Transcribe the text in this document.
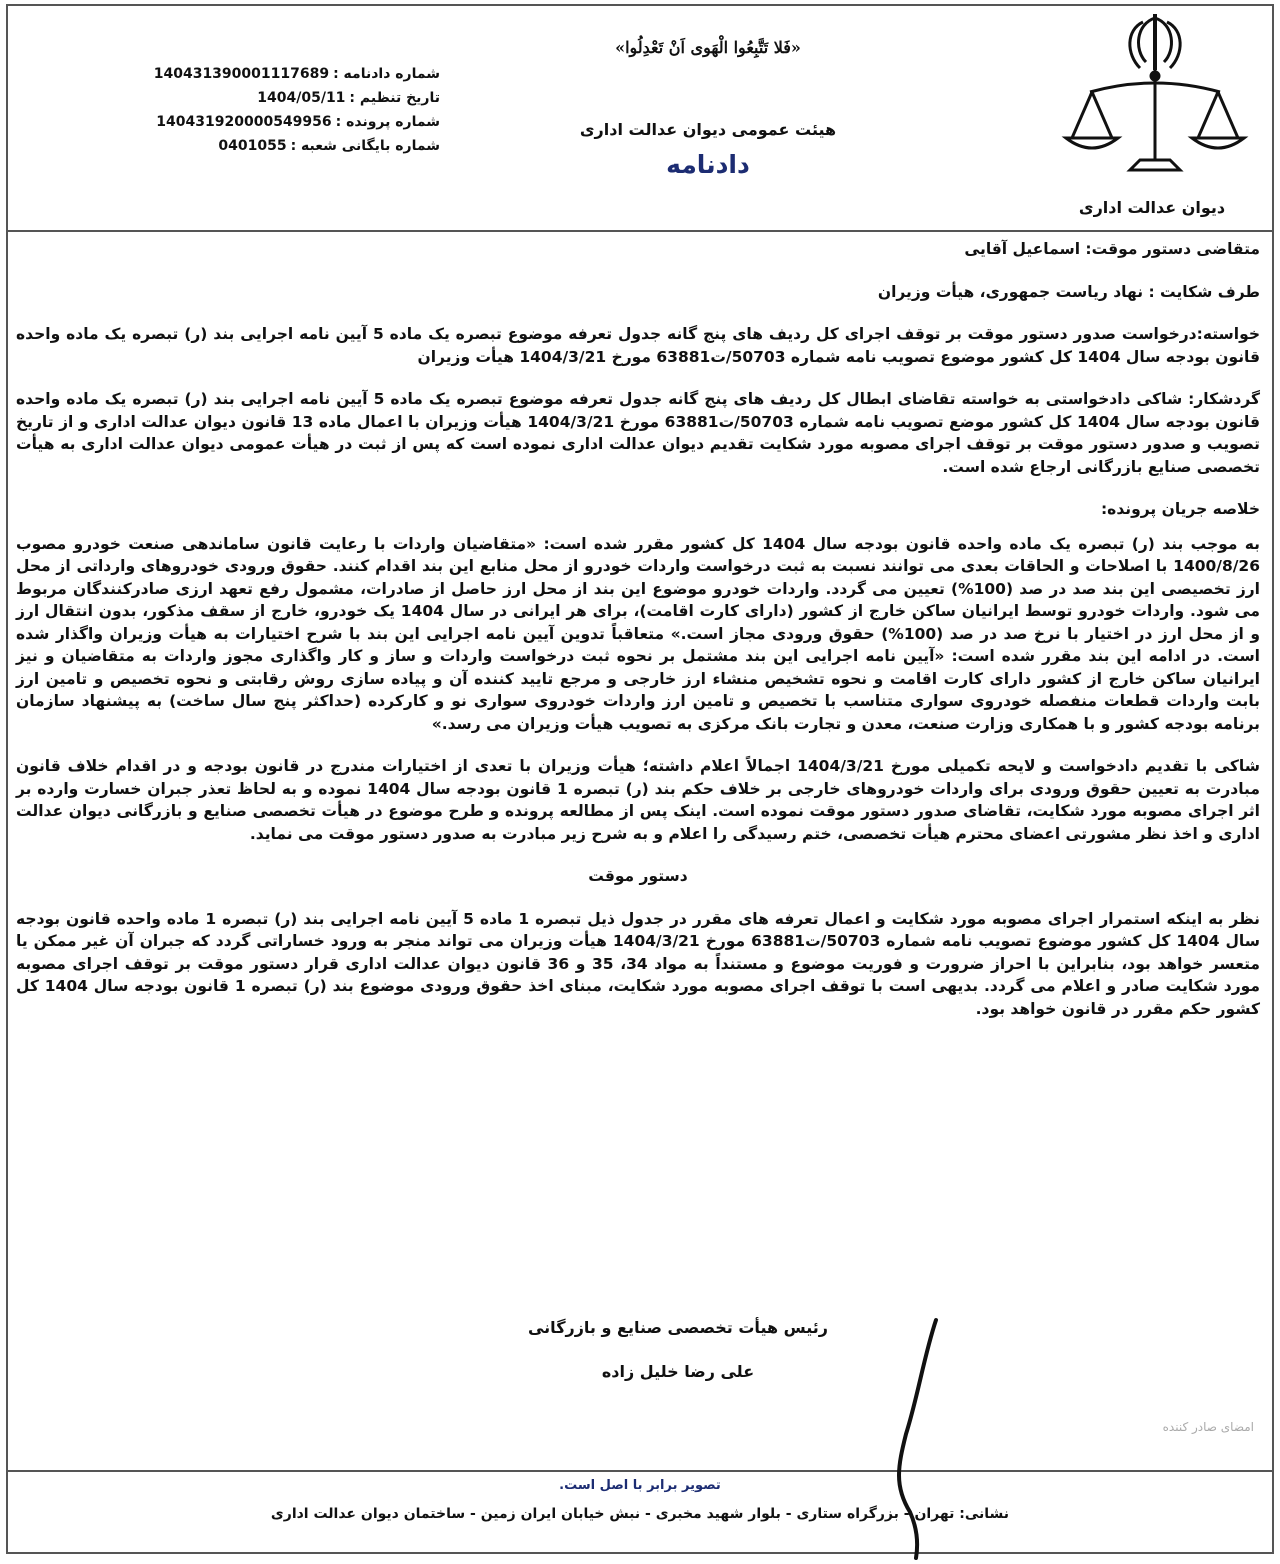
دیوان عدالت اداری
«فَلا تَتَّبِعُوا الْهَوی اَنْ تَعْدِلُوا»
هیئت عمومی دیوان عدالت اداری
دادنامه
شماره دادنامه :
140431390001117689
تاریخ تنظیم :
1404/05/11
شماره پرونده :
140431920000549956
شماره بایگانی شعبه :
0401055

متقاضی دستور موقت: اسماعیل آقایی

طرف شکایت : نهاد ریاست جمهوری، هیأت وزیران

خواسته:درخواست صدور دستور موقت بر توقف اجرای کل ردیف های پنج گانه جدول تعرفه موضوع تبصره یک ماده 5 آیین نامه اجرایی بند (ر) تبصره یک ماده واحده قانون بودجه سال 1404 کل کشور موضوع تصویب نامه شماره 50703/ت63881 مورخ 1404/3/21 هیأت وزیران

گردشکار: شاکی دادخواستی به خواسته تقاضای ابطال کل ردیف های پنج گانه جدول تعرفه موضوع تبصره یک ماده 5 آیین نامه اجرایی بند (ر) تبصره یک ماده واحده قانون بودجه سال 1404 کل کشور موضع تصویب نامه شماره 50703/ت63881 مورخ 1404/3/21 هیأت وزیران با اعمال ماده 13 قانون دیوان عدالت اداری و از تاریخ تصویب و صدور دستور موقت بر توقف اجرای مصوبه مورد شکایت تقدیم دیوان عدالت اداری نموده است که پس از ثبت در هیأت عمومی دیوان عدالت اداری به هیأت تخصصی صنایع بازرگانی ارجاع شده است.

خلاصه جریان پرونده:

به موجب بند (ر) تبصره یک ماده واحده قانون بودجه سال 1404 کل کشور مقرر شده است: «متقاضیان واردات با رعایت قانون ساماندهی صنعت خودرو مصوب 1400/8/26 با اصلاحات و الحاقات بعدی می توانند نسبت به ثبت درخواست واردات خودرو از محل منابع این بند اقدام کنند. حقوق ورودی خودروهای وارداتی از محل ارز تخصیصی این بند صد در صد (100%) تعیین می گردد. واردات خودرو موضوع این بند از محل ارز حاصل از صادرات، مشمول رفع تعهد ارزی صادرکنندگان مربوط می شود. واردات خودرو توسط ایرانیان ساکن خارج از کشور (دارای کارت اقامت)، برای هر ایرانی در سال 1404 یک خودرو، خارج از سقف مذکور، بدون انتقال ارز و از محل ارز در اختیار با نرخ صد در صد (100%) حقوق ورودی مجاز است.» متعاقباً تدوین آیین نامه اجرایی این بند با شرح اختیارات به هیأت وزیران واگذار شده است. در ادامه این بند مقرر شده است: «آیین نامه اجرایی این بند مشتمل بر نحوه ثبت درخواست واردات و ساز و کار واگذاری مجوز واردات به متقاضیان و نیز ایرانیان ساکن خارج از کشور دارای کارت اقامت و نحوه تشخیص منشاء ارز خارجی و مرجع تایید کننده آن و پیاده سازی روش رقابتی و نحوه تخصیص و تامین ارز بابت واردات قطعات منفصله خودروی سواری متناسب با تخصیص و تامین ارز واردات خودروی سواری نو و کارکرده (حداکثر پنج سال ساخت) به پیشنهاد سازمان برنامه بودجه کشور و با همکاری وزارت صنعت، معدن و تجارت بانک مرکزی به تصویب هیأت وزیران می رسد.»

شاکی با تقدیم دادخواست و لایحه تکمیلی مورخ 1404/3/21 اجمالاً اعلام داشته؛ هیأت وزیران با تعدی از اختیارات مندرج در قانون بودجه و در اقدام خلاف قانون مبادرت به تعیین حقوق ورودی برای واردات خودروهای خارجی بر خلاف حکم بند (ر) تبصره 1 قانون بودجه سال 1404 نموده و به لحاظ تعذر جبران خسارت وارده بر اثر اجرای مصوبه مورد شکایت، تقاضای صدور دستور موقت نموده است. اینک پس از مطالعه پرونده و طرح موضوع در هیأت تخصصی صنایع و بازرگانی دیوان عدالت اداری و اخذ نظر مشورتی اعضای محترم هیأت تخصصی، ختم رسیدگی را اعلام و به شرح زیر مبادرت به صدور دستور موقت می نماید.

دستور موقت

نظر به اینکه استمرار اجرای مصوبه مورد شکایت و اعمال تعرفه های مقرر در جدول ذیل تبصره 1 ماده 5 آیین نامه اجرایی بند (ر) تبصره 1 ماده واحده قانون بودجه سال 1404 کل کشور موضوع تصویب نامه شماره 50703/ت63881 مورخ 1404/3/21 هیأت وزیران می تواند منجر به ورود خساراتی گردد که جبران آن غیر ممکن یا متعسر خواهد بود، بنابراین با احراز ضرورت و فوریت موضوع و مستنداً به مواد 34، 35 و 36 قانون دیوان عدالت اداری قرار دستور موقت بر توقف اجرای مصوبه مورد شکایت صادر و اعلام می گردد. بدیهی است با توقف اجرای مصوبه مورد شکایت، مبنای اخذ حقوق ورودی موضوع بند (ر) تبصره 1 قانون بودجه سال 1404 کل کشور حکم مقرر در قانون خواهد بود.

رئیس هیأت تخصصی صنایع و بازرگانی
علی رضا خلیل زاده
امضای صادر کننده
تصویر برابر با اصل است.
نشانی: تهران - بزرگراه ستاری - بلوار شهید مخبری - نبش خیابان ایران زمین - ساختمان دیوان عدالت اداری
